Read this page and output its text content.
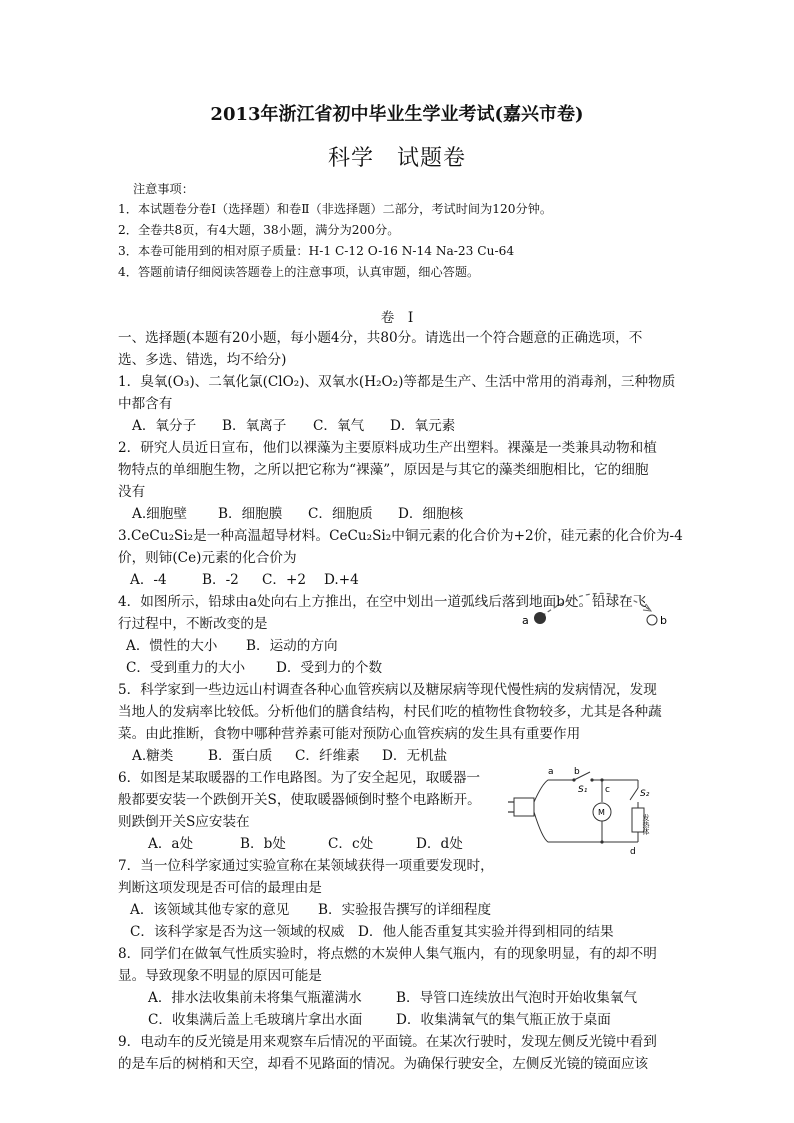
2013年浙江省初中毕业生学业考试(嘉兴市卷)
科学　试题卷
注意事项：
1．本试题卷分卷Ⅰ（选择题）和卷Ⅱ（非选择题）二部分，考试时间为120分钟。
2．全卷共8页，有4大题，38小题，满分为200分。
3．本卷可能用到的相对原子质量：H-1 C-12 O-16 N-14 Na-23 Cu-64
4．答题前请仔细阅读答题卷上的注意事项，认真审题，细心答题。
卷　Ⅰ
一、选择题(本题有20小题，每小题4分，共80分。请选出一个符合题意的正确选项，不
选、多选、错选，均不给分)
1．臭氧(O₃)、二氧化氯(ClO₂)、双氧水(H₂O₂)等都是生产、生活中常用的消毒剂，三种物质
中都含有
A．氧分子 B．氧离子 C．氧气 D．氧元素
2．研究人员近日宣布，他们以裸藻为主要原料成功生产出塑料。裸藻是一类兼具动物和植
物特点的单细胞生物，之所以把它称为“裸藻”，原因是与其它的藻类细胞相比，它的细胞
没有
A.细胞壁 B．细胞膜 C．细胞质 D．细胞核
3.CeCu₂Si₂是一种高温超导材料。CeCu₂Si₂中铜元素的化合价为+2价，硅元素的化合价为-4
价，则铈(Ce)元素的化合价为
A．-4	B．-2 C．+2 D.+4
4．如图所示，铅球由a处向右上方推出，在空中划出一道弧线后落到地面b处。铅球在飞
行过程中，不断改变的是
A．惯性的大小 B．运动的方向
C．受到重力的大小 D．受到力的个数
a	b
5．科学家到一些边远山村调查各种心血管疾病以及糖尿病等现代慢性病的发病情况，发现
当地人的发病率比较低。分析他们的膳食结构，村民们吃的植物性食物较多，尤其是各种蔬
菜。由此推断，食物中哪种营养素可能对预防心血管疾病的发生具有重要作用
A.糖类	B．蛋白质 C．纤维素 D．无机盐
6．如图是某取暖器的工作电路图。为了安全起见，取暖器一
般都要安装一个跌倒开关S，使取暖器倾倒时整个电路断开。
则跌倒开关S应安装在
A．a处	B．b处	C．c处	D．d处
a b
S₁ c
M
S₂
发热体
d
7．当一位科学家通过实验宣称在某领域获得一项重要发现时，
判断这项发现是否可信的最理由是
A．该领域其他专家的意见 B．实验报告撰写的详细程度
C．该科学家是否为这一领域的权威 D．他人能否重复其实验并得到相同的结果
8．同学们在做氧气性质实验时，将点燃的木炭伸人集气瓶内，有的现象明显，有的却不明
显。导致现象不明显的原因可能是
A．排水法收集前未将集气瓶灌满水	B．导管口连续放出气泡时开始收集氧气
C．收集满后盖上毛玻璃片拿出水面 D．收集满氧气的集气瓶正放于桌面
9．电动车的反光镜是用来观察车后情况的平面镜。在某次行驶时，发现左侧反光镜中看到
的是车后的树梢和天空，却看不见路面的情况。为确保行驶安全，左侧反光镜的镜面应该
